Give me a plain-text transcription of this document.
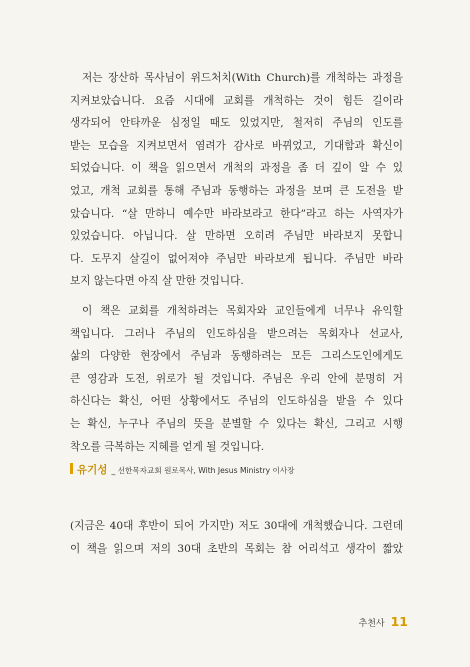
저는 장산하 목사님이 위드처치(With Church)를 개척하는 과정을
지켜보았습니다. 요즘 시대에 교회를 개척하는 것이 힘든 길이라
생각되어 안타까운 심정일 때도 있었지만, 철저히 주님의 인도를
받는 모습을 지켜보면서 염려가 감사로 바뀌었고, 기대함과 확신이
되었습니다. 이 책을 읽으면서 개척의 과정을 좀 더 깊이 알 수 있
었고, 개척 교회를 통해 주님과 동행하는 과정을 보며 큰 도전을 받
았습니다. “살 만하니 예수만 바라보라고 한다”라고 하는 사역자가
있었습니다. 아닙니다. 살 만하면 오히려 주님만 바라보지 못합니
다. 도무지 살길이 없어져야 주님만 바라보게 됩니다. 주님만 바라
보지 않는다면 아직 살 만한 것입니다.
이 책은 교회를 개척하려는 목회자와 교인들에게 너무나 유익할
책입니다. 그러나 주님의 인도하심을 받으려는 목회자나 선교사,
삶의 다양한 현장에서 주님과 동행하려는 모든 그리스도인에게도
큰 영감과 도전, 위로가 될 것입니다. 주님은 우리 안에 분명히 거
하신다는 확신, 어떤 상황에서도 주님의 인도하심을 받을 수 있다
는 확신, 누구나 주님의 뜻을 분별할 수 있다는 확신, 그리고 시행
착오를 극복하는 지혜를 얻게 될 것입니다.
유기성 _ 선한목자교회 원로목사, With Jesus Ministry 이사장
(지금은 40대 후반이 되어 가지만) 저도 30대에 개척했습니다. 그런데
이 책을 읽으며 저의 30대 초반의 목회는 참 어리석고 생각이 짧았
추천사 11
